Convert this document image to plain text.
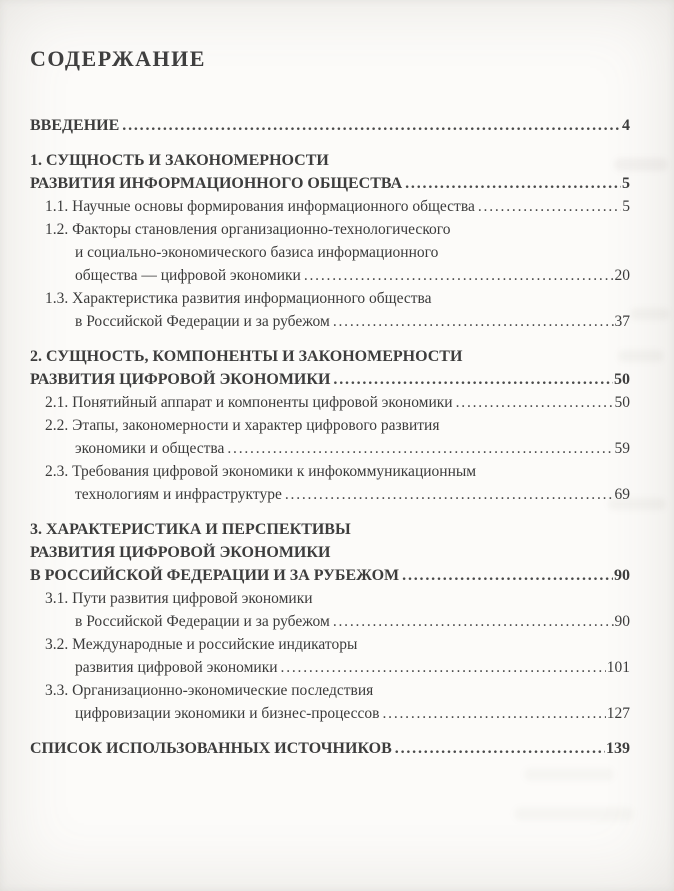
СОДЕРЖАНИЕ
ВВЕДЕНИЕ .....	4
1. СУЩНОСТЬ И ЗАКОНОМЕРНОСТИ
РАЗВИТИЯ ИНФОРМАЦИОННОГО ОБЩЕСТВА .....	5
1.1. Научные основы формирования информационного общества .....	5
1.2. Факторы становления организационно-технологического
и социально-экономического базиса информационного
общества — цифровой экономики .....	20
1.3. Характеристика развития информационного общества
в Российской Федерации и за рубежом .....	37
2. СУЩНОСТЬ, КОМПОНЕНТЫ И ЗАКОНОМЕРНОСТИ
РАЗВИТИЯ ЦИФРОВОЙ ЭКОНОМИКИ .....	50
2.1. Понятийный аппарат и компоненты цифровой экономики .....	50
2.2. Этапы, закономерности и характер цифрового развития
экономики и общества .....	59
2.3. Требования цифровой экономики к инфокоммуникационным
технологиям и инфраструктуре .....	69
3. ХАРАКТЕРИСТИКА И ПЕРСПЕКТИВЫ
РАЗВИТИЯ ЦИФРОВОЙ ЭКОНОМИКИ
В РОССИЙСКОЙ ФЕДЕРАЦИИ И ЗА РУБЕЖОМ .....	90
3.1. Пути развития цифровой экономики
в Российской Федерации и за рубежом .....	90
3.2. Международные и российские индикаторы
развития цифровой экономики .....	101
3.3. Организационно-экономические последствия
цифровизации экономики и бизнес-процессов .....	127
СПИСОК ИСПОЛЬЗОВАННЫХ ИСТОЧНИКОВ .....	139
